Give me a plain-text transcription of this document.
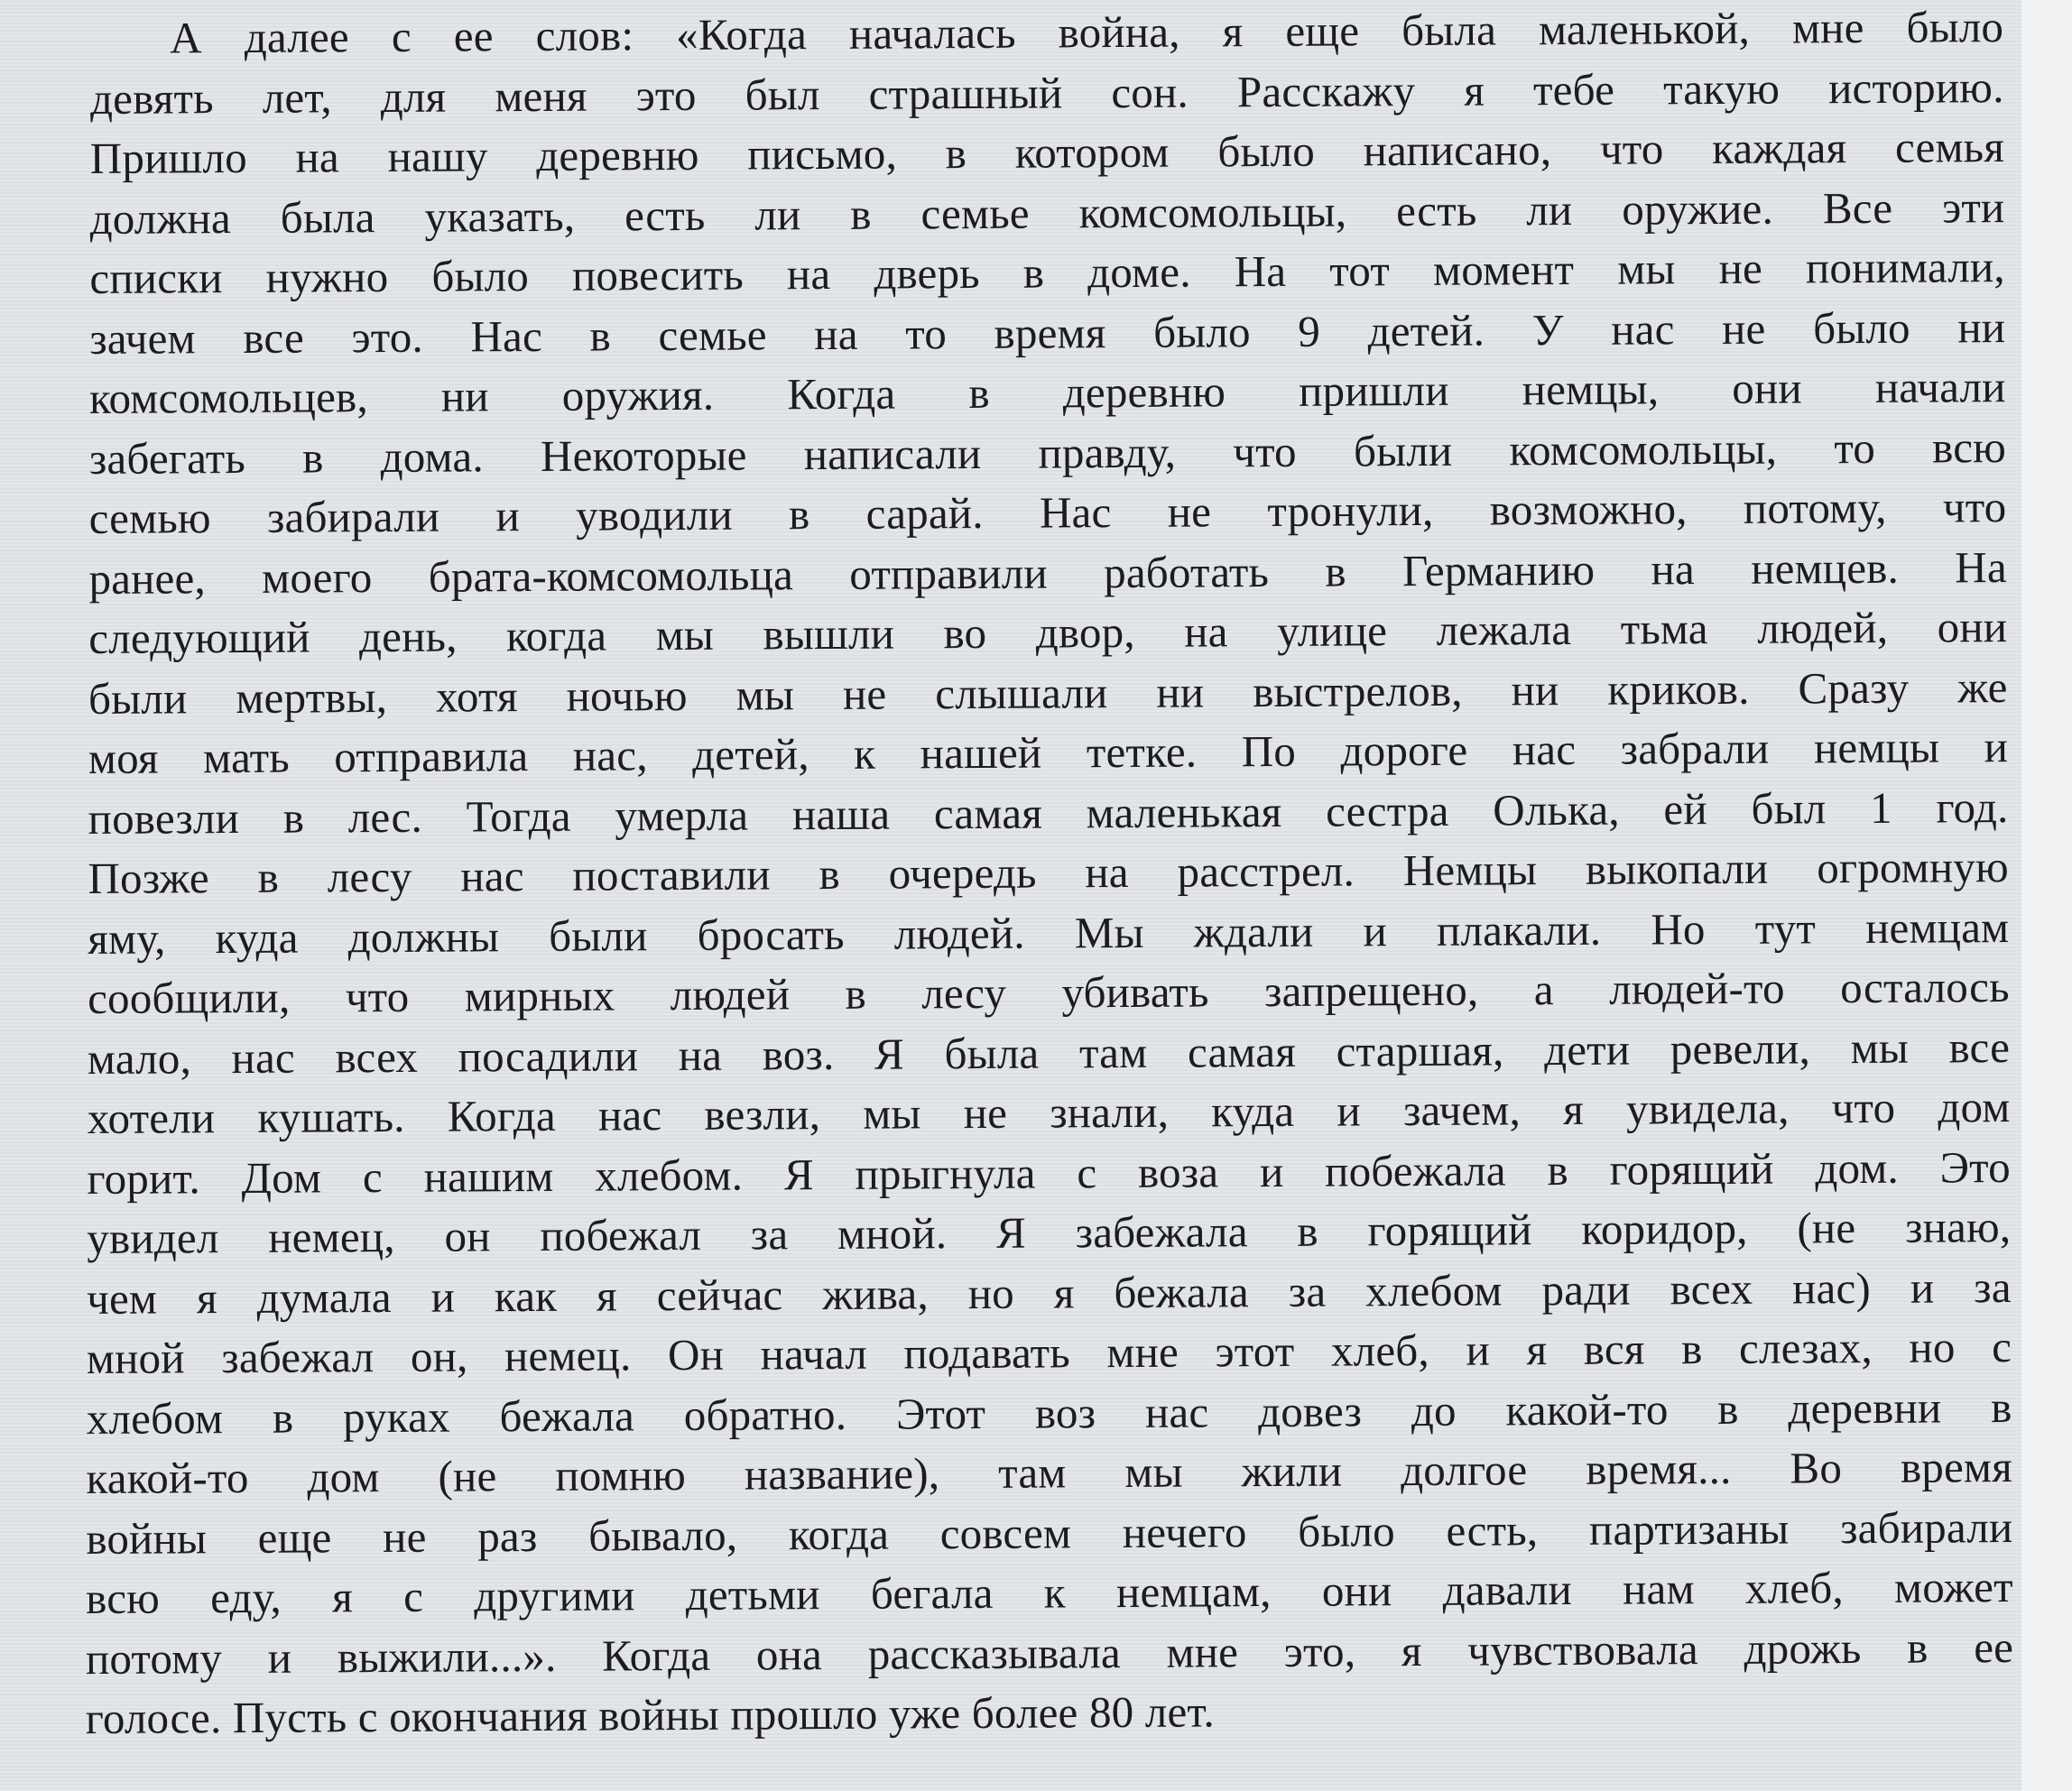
А далее с ее слов: «Когда началась война, я еще была маленькой, мне было
девять лет, для меня это был страшный сон. Расскажу я тебе такую историю.
Пришло на нашу деревню письмо, в котором было написано, что каждая семья
должна была указать, есть ли в семье комсомольцы, есть ли оружие. Все эти
списки нужно было повесить на дверь в доме. На тот момент мы не понимали,
зачем все это. Нас в семье на то время было 9 детей. У нас не было ни
комсомольцев, ни оружия. Когда в деревню пришли немцы, они начали
забегать в дома. Некоторые написали правду, что были комсомольцы, то всю
семью забирали и уводили в сарай. Нас не тронули, возможно, потому, что
ранее, моего брата-комсомольца отправили работать в Германию на немцев. На
следующий день, когда мы вышли во двор, на улице лежала тьма людей, они
были мертвы, хотя ночью мы не слышали ни выстрелов, ни криков. Сразу же
моя мать отправила нас, детей, к нашей тетке. По дороге нас забрали немцы и
повезли в лес. Тогда умерла наша самая маленькая сестра Олька, ей был 1 год.
Позже в лесу нас поставили в очередь на расстрел. Немцы выкопали огромную
яму, куда должны были бросать людей. Мы ждали и плакали. Но тут немцам
сообщили, что мирных людей в лесу убивать запрещено, а людей-то осталось
мало, нас всех посадили на воз. Я была там самая старшая, дети ревели, мы все
хотели кушать. Когда нас везли, мы не знали, куда и зачем, я увидела, что дом
горит. Дом с нашим хлебом. Я прыгнула с воза и побежала в горящий дом. Это
увидел немец, он побежал за мной. Я забежала в горящий коридор, (не знаю,
чем я думала и как я сейчас жива, но я бежала за хлебом ради всех нас) и за
мной забежал он, немец. Он начал подавать мне этот хлеб, и я вся в слезах, но с
хлебом в руках бежала обратно. Этот воз нас довез до какой-то в деревни в
какой-то дом (не помню название), там мы жили долгое время... Во время
войны еще не раз бывало, когда совсем нечего было есть, партизаны забирали
всю еду, я с другими детьми бегала к немцам, они давали нам хлеб, может
потому и выжили...». Когда она рассказывала мне это, я чувствовала дрожь в ее
голосе. Пусть с окончания войны прошло уже более 80 лет.
